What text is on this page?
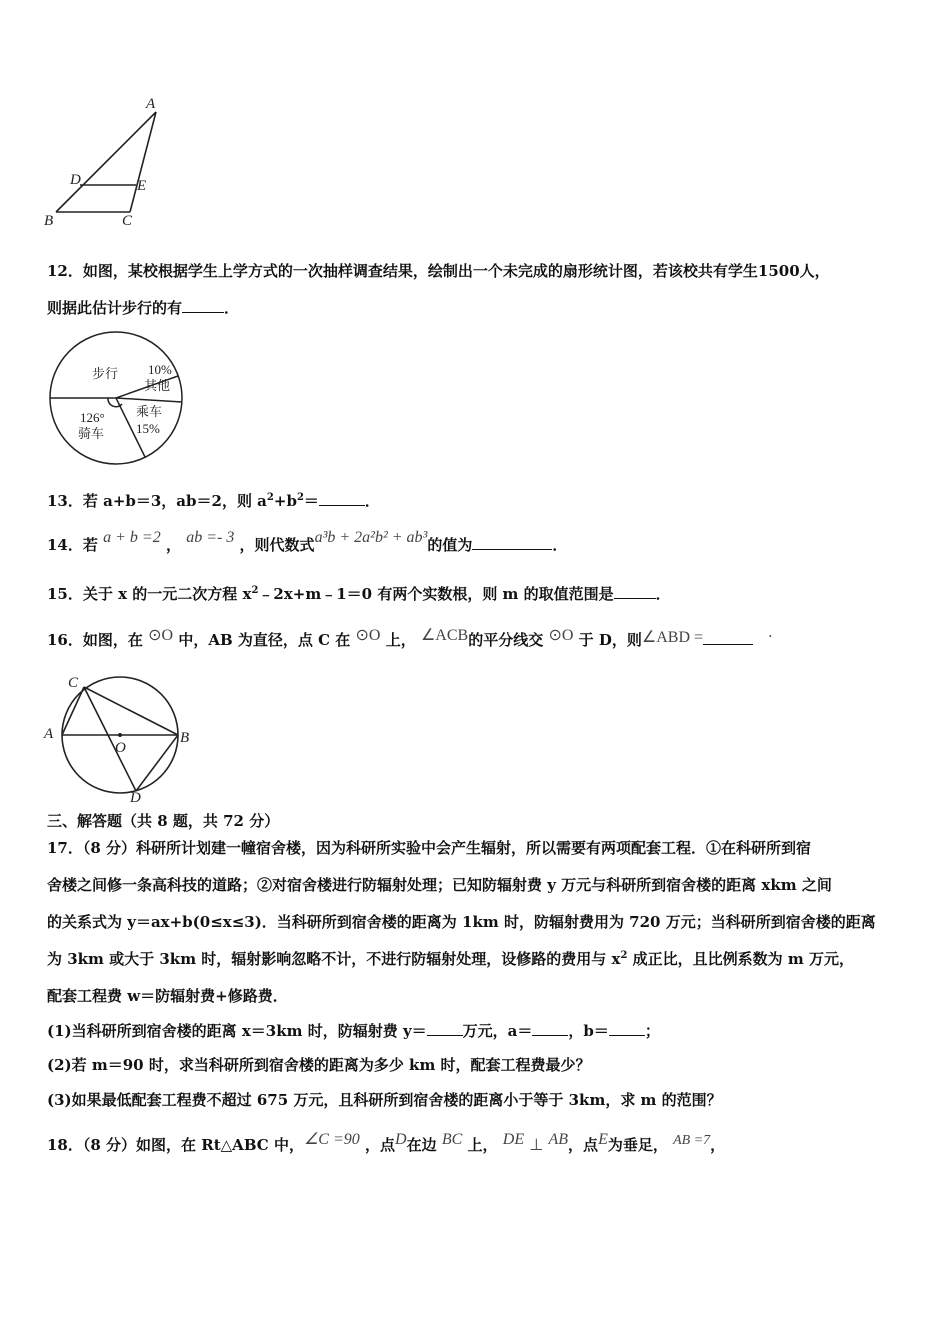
A
D	E
B	C
12．如图，某校根据学生上学方式的一次抽样调查结果，绘制出一个未完成的扇形统计图，若该校共有学生1500人，
则据此估计步行的有	．
步行 10%
其他
126°
骑车
乘车
15%
13．若 a+b＝3，ab＝2，则 $a^2+b^2=$	．
14．若 a + b =2 ， ab =- 3 ，则代数式a³b + 2a²b² + ab³的值为	．
15．关于 x 的一元二次方程 $x^2﹣2x+m﹣1=0$ 有两个实数根，则 m 的取值范围是	．
16．如图，在 ⊙O 中，AB 为直径，点 C 在 ⊙O 上， ∠ACB的平分线交 ⊙O 于 D，则∠ABD =	.
C
A
O
B
D
三、解答题（共 8 题，共 72 分）
17．（8 分）科研所计划建一幢宿舍楼，因为科研所实验中会产生辐射，所以需要有两项配套工程．①在科研所到宿
舍楼之间修一条高科技的道路；②对宿舍楼进行防辐射处理；已知防辐射费 y 万元与科研所到宿舍楼的距离 xkm 之间
的关系式为 y＝ax+b(0≤x≤3)．当科研所到宿舍楼的距离为 1km 时，防辐射费用为 720 万元；当科研所到宿舍楼的距离
为 3km 或大于 3km 时，辐射影响忽略不计，不进行防辐射处理，设修路的费用与 $x^2$ 成正比，且比例系数为 m 万元，
配套工程费 w＝防辐射费+修路费．
(1)当科研所到宿舍楼的距离 x＝3km 时，防辐射费 y＝ 万元，a＝ ，b＝ ；
(2)若 m＝90 时，求当科研所到宿舍楼的距离为多少 km 时，配套工程费最少？
(3)如果最低配套工程费不超过 675 万元，且科研所到宿舍楼的距离小于等于 3km，求 m 的范围？
18．（8 分）如图，在 Rt△ABC 中，∠C =90 ，点D在边 BC 上， DE ⊥ AB，点E为垂足， AB =7，
